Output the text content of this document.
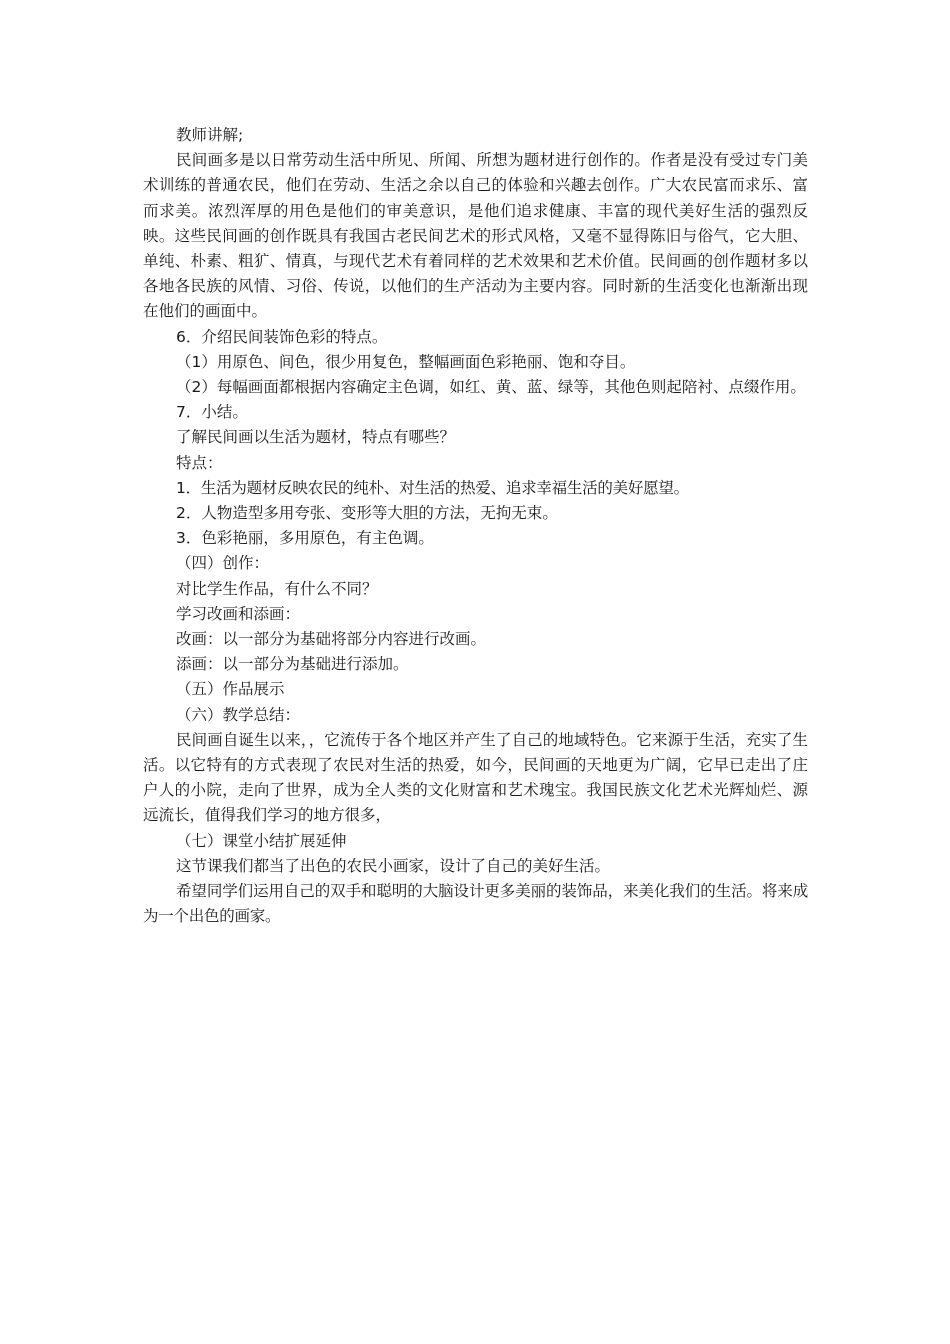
教师讲解;

民间画多是以日常劳动生活中所见、所闻、所想为题材进行创作的。作者是没有受过专门美术训练的普通农民，他们在劳动、生活之余以自己的体验和兴趣去创作。广大农民富而求乐、富而求美。浓烈浑厚的用色是他们的审美意识，是他们追求健康、丰富的现代美好生活的强烈反映。这些民间画的创作既具有我国古老民间艺术的形式风格，又毫不显得陈旧与俗气，它大胆、单纯、朴素、粗犷、情真，与现代艺术有着同样的艺术效果和艺术价值。民间画的创作题材多以各地各民族的风情、习俗、传说，以他们的生产活动为主要内容。同时新的生活变化也渐渐出现在他们的画面中。

6．介绍民间装饰色彩的特点。

（1）用原色、间色，很少用复色，整幅画面色彩艳丽、饱和夺目。

（2）每幅画面都根据内容确定主色调，如红、黄、蓝、绿等，其他色则起陪衬、点缀作用。

7．小结。

了解民间画以生活为题材，特点有哪些？

特点：

1．生活为题材反映农民的纯朴、对生活的热爱、追求幸福生活的美好愿望。

2．人物造型多用夸张、变形等大胆的方法，无拘无束。

3．色彩艳丽，多用原色，有主色调。

（四）创作：

对比学生作品，有什么不同？

学习改画和添画：

改画：以一部分为基础将部分内容进行改画。

添画：以一部分为基础进行添加。

（五）作品展示

（六）教学总结：

民间画自诞生以来，，它流传于各个地区并产生了自己的地域特色。它来源于生活，充实了生活。以它特有的方式表现了农民对生活的热爱，如今，民间画的天地更为广阔，它早已走出了庄户人的小院，走向了世界，成为全人类的文化财富和艺术瑰宝。我国民族文化艺术光辉灿烂、源远流长，值得我们学习的地方很多，

（七）课堂小结扩展延伸

这节课我们都当了出色的农民小画家，设计了自己的美好生活。

希望同学们运用自己的双手和聪明的大脑设计更多美丽的装饰品，来美化我们的生活。将来成为一个出色的画家。
